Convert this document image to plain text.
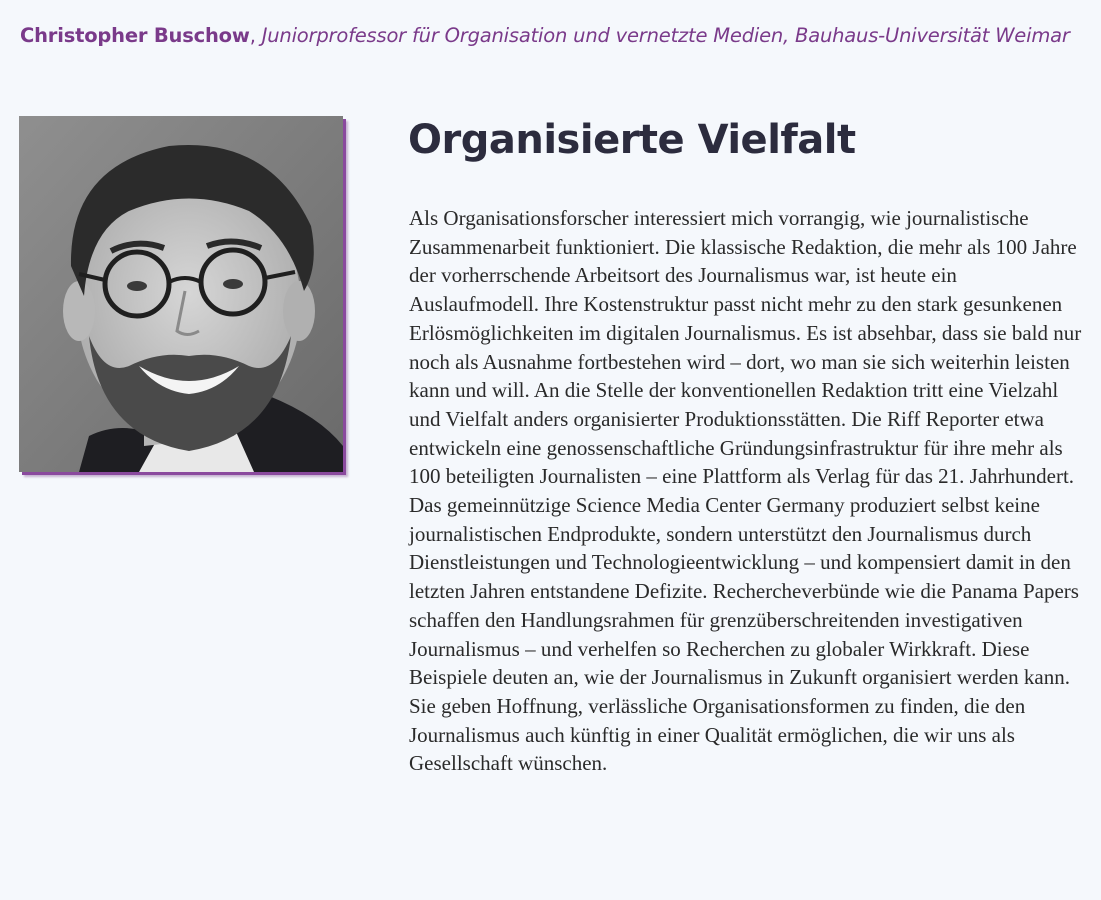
Christopher Buschow, Juniorprofessor für Organisation und vernetzte Medien, Bauhaus-Universität Weimar
Organisierte Vielfalt

Als Organisationsforscher interessiert mich vorrangig, wie journalistische Zusammenarbeit funktioniert. Die klassische Redaktion, die mehr als 100 Jahre der vorherrschende Arbeitsort des Journalismus war, ist heute ein Auslaufmodell. Ihre Kostenstruktur passt nicht mehr zu den stark gesunkenen Erlösmöglichkeiten im digitalen Journalismus. Es ist absehbar, dass sie bald nur noch als Ausnahme fortbestehen wird – dort, wo man sie sich weiterhin leisten kann und will. An die Stelle der konventionellen Redaktion tritt eine Vielzahl und Vielfalt anders organisierter Produktionsstätten. Die Riff Reporter etwa entwickeln eine genossenschaftliche Gründungsinfrastruktur für ihre mehr als 100 beteiligten Journalisten – eine Plattform als Verlag für das 21. Jahrhundert. Das gemeinnützige Science Media Center Germany produziert selbst keine journalistischen Endprodukte, sondern unterstützt den Journalismus durch Dienstleistungen und Technologieentwicklung – und kompensiert damit in den letzten Jahren entstandene Defizite. Rechercheverbünde wie die Panama Papers schaffen den Handlungsrahmen für grenzüberschreitenden investigativen Journalismus – und verhelfen so Recherchen zu globaler Wirkkraft. Diese Beispiele deuten an, wie der Journalismus in Zukunft organisiert werden kann. Sie geben Hoffnung, verlässliche Organisationsformen zu finden, die den Journalismus auch künftig in einer Qualität ermöglichen, die wir uns als Gesellschaft wünschen.
